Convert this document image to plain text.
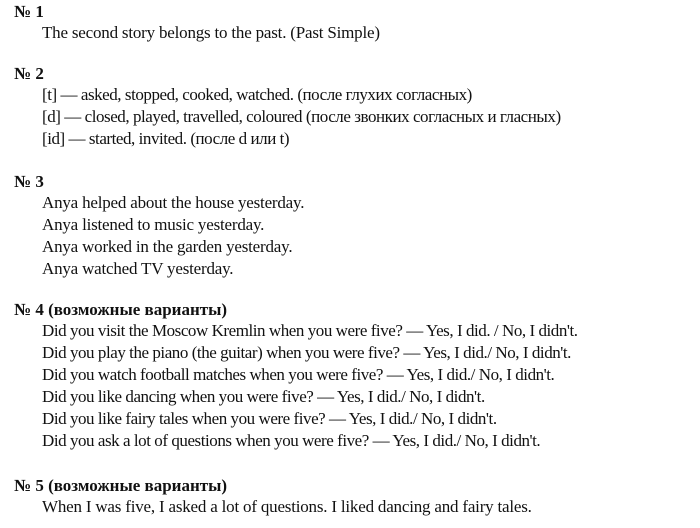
№ 1

The second story belongs to the past. (Past Simple)

№ 2

[t] — asked, stopped, cooked, watched. (после глухих согласных)

[d] — closed, played, travelled, coloured (после звонких согласных и гласных)

[id] — started, invited. (после d или t)

№ 3

Anya helped about the house yesterday.

Anya listened to music yesterday.

Anya worked in the garden yesterday.

Anya watched TV yesterday.

№ 4 (возможные варианты)

Did you visit the Moscow Kremlin when you were five? — Yes, I did. / No, I didn't.

Did you play the piano (the guitar) when you were five? — Yes, I did./ No, I didn't.

Did you watch football matches when you were five? — Yes, I did./ No, I didn't.

Did you like dancing when you were five? — Yes, I did./ No, I didn't.

Did you like fairy tales when you were five? — Yes, I did./ No, I didn't.

Did you ask a lot of questions when you were five? — Yes, I did./ No, I didn't.

№ 5 (возможные варианты)

When I was five, I asked a lot of questions. I liked dancing and fairy tales.
